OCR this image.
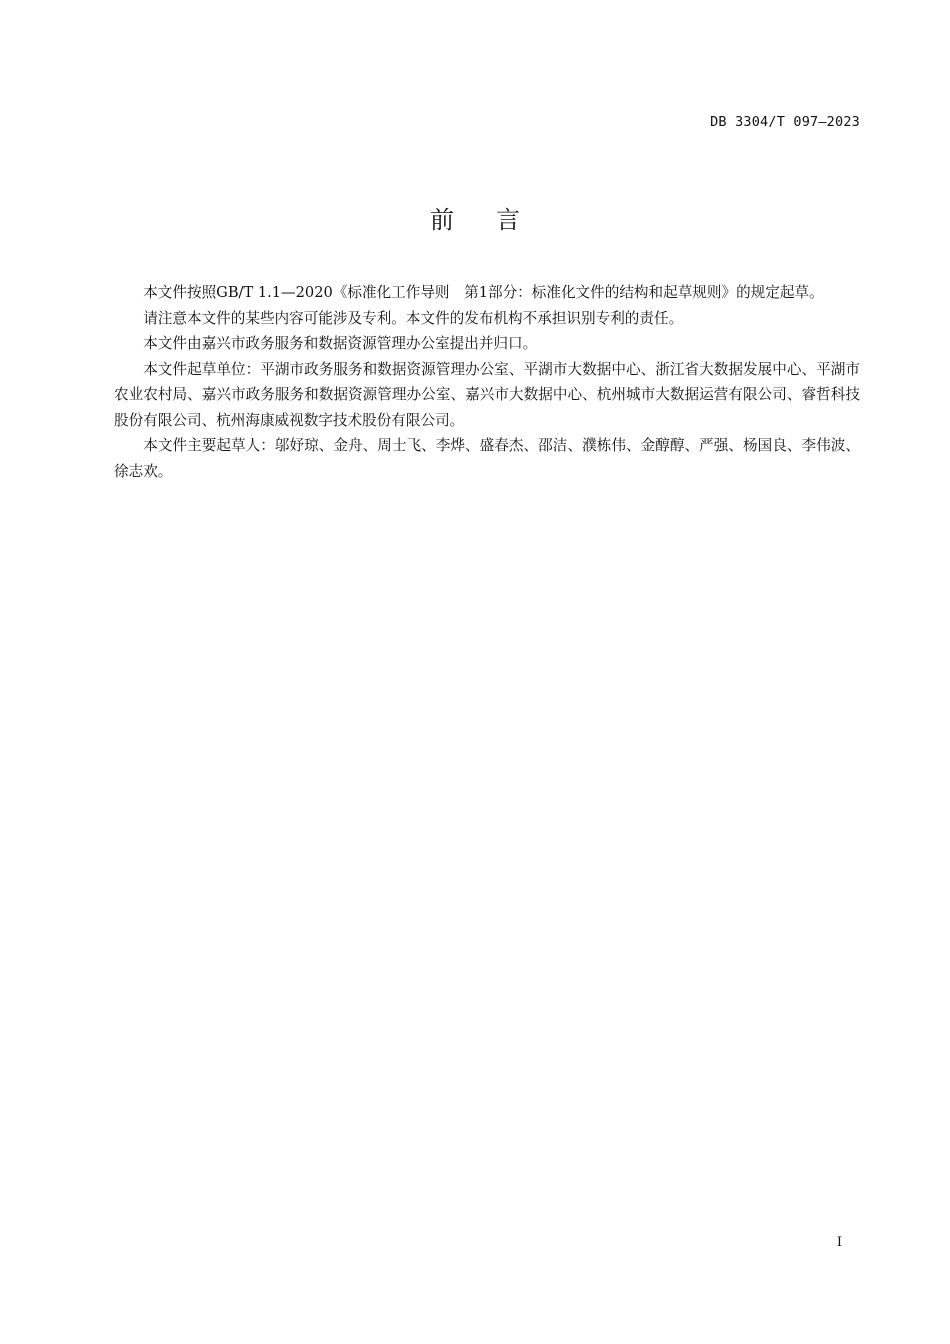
DB 3304/T 097—2023
前言

本文件按照GB/T 1.1—2020《标准化工作导则　第1部分：标准化文件的结构和起草规则》的规定起草。

请注意本文件的某些内容可能涉及专利。本文件的发布机构不承担识别专利的责任。

本文件由嘉兴市政务服务和数据资源管理办公室提出并归口。

本文件起草单位：平湖市政务服务和数据资源管理办公室、平湖市大数据中心、浙江省大数据发展中心、平湖市农业农村局、嘉兴市政务服务和数据资源管理办公室、嘉兴市大数据中心、杭州城市大数据运营有限公司、睿哲科技股份有限公司、杭州海康威视数字技术股份有限公司。

本文件主要起草人：邬妤琼、金舟、周士飞、李烨、盛春杰、邵洁、濮栋伟、金醇醇、严强、杨国良、李伟波、徐志欢。

I
